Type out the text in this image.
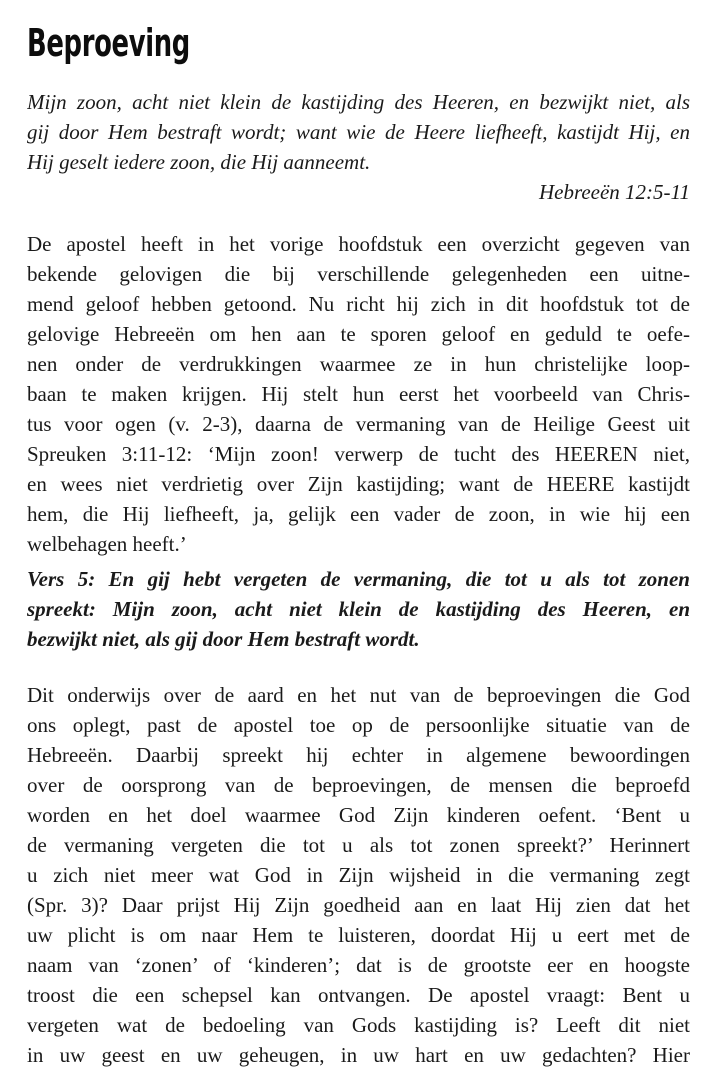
Beproeving
Mijn zoon, acht niet klein de kastijding des Heeren, en bezwijkt niet, als
gij door Hem bestraft wordt; want wie de Heere liefheeft, kastijdt Hij, en
Hij geselt iedere zoon, die Hij aanneemt.
Hebreeën 12:5-11
De apostel heeft in het vorige hoofdstuk een overzicht gegeven van
bekende gelovigen die bij verschillende gelegenheden een uitne-
mend geloof hebben getoond. Nu richt hij zich in dit hoofdstuk tot de
gelovige Hebreeën om hen aan te sporen geloof en geduld te oefe-
nen onder de verdrukkingen waarmee ze in hun christelijke loop-
baan te maken krijgen. Hij stelt hun eerst het voorbeeld van Chris-
tus voor ogen (v. 2-3), daarna de vermaning van de Heilige Geest uit
Spreuken 3:11-12: ‘Mijn zoon! verwerp de tucht des HEEREN niet,
en wees niet verdrietig over Zijn kastijding; want de HEERE kastijdt
hem, die Hij liefheeft, ja, gelijk een vader de zoon, in wie hij een
welbehagen heeft.’
Vers 5: En gij hebt vergeten de vermaning, die tot u als tot zonen
spreekt: Mijn zoon, acht niet klein de kastijding des Heeren, en
bezwijkt niet, als gij door Hem bestraft wordt.
Dit onderwijs over de aard en het nut van de beproevingen die God
ons oplegt, past de apostel toe op de persoonlijke situatie van de
Hebreeën. Daarbij spreekt hij echter in algemene bewoordingen
over de oorsprong van de beproevingen, de mensen die beproefd
worden en het doel waarmee God Zijn kinderen oefent. ‘Bent u
de vermaning vergeten die tot u als tot zonen spreekt?’ Herinnert
u zich niet meer wat God in Zijn wijsheid in die vermaning zegt
(Spr. 3)? Daar prijst Hij Zijn goedheid aan en laat Hij zien dat het
uw plicht is om naar Hem te luisteren, doordat Hij u eert met de
naam van ‘zonen’ of ‘kinderen’; dat is de grootste eer en hoogste
troost die een schepsel kan ontvangen. De apostel vraagt: Bent u
vergeten wat de bedoeling van Gods kastijding is? Leeft dit niet
in uw geest en uw geheugen, in uw hart en uw gedachten? Hier
